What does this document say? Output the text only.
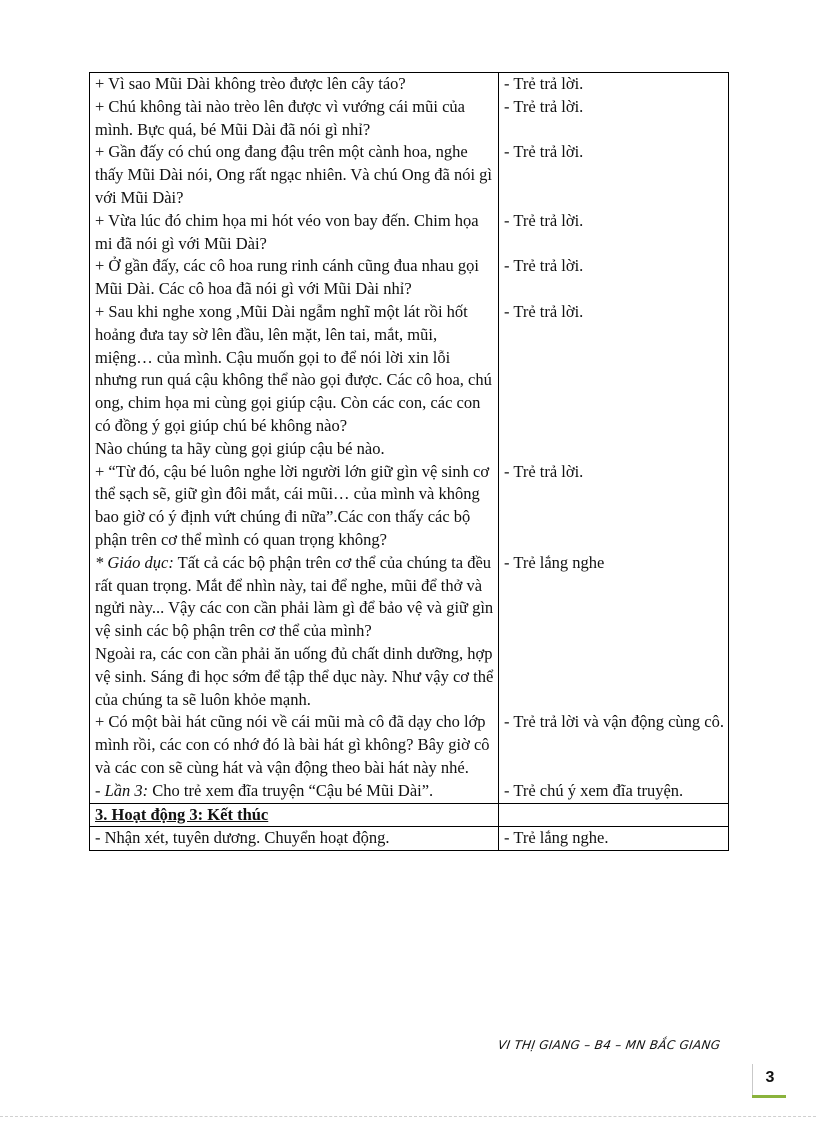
+ Vì sao Mũi Dài không trèo được lên cây táo?	- Trẻ trả lời.
+ Chú không tài nào trèo lên được vì vướng cái mũi của mình. Bực quá, bé Mũi Dài đã nói gì nhỉ?	- Trẻ trả lời.
+ Gần đấy có chú ong đang đậu trên một cành hoa, nghe thấy Mũi Dài nói, Ong rất ngạc nhiên. Và chú Ong đã nói gì với Mũi Dài?	- Trẻ trả lời.
+ Vừa lúc đó chim họa mi hót véo von bay đến. Chim họa mi đã nói gì với Mũi Dài?	- Trẻ trả lời.
+ Ở gần đấy, các cô hoa rung rinh cánh cũng đua nhau gọi Mũi Dài. Các cô hoa đã nói gì với Mũi Dài nhỉ?	- Trẻ trả lời.
+ Sau khi nghe xong ,Mũi Dài ngẫm nghĩ một lát rồi hốt hoảng đưa tay sờ lên đầu, lên mặt, lên tai, mắt, mũi, miệng… của mình. Cậu muốn gọi to để nói lời xin lỗi nhưng run quá cậu không thể nào gọi được. Các cô hoa, chú ong, chim họa mi cùng gọi giúp cậu. Còn các con, các con có đồng ý gọi giúp chú bé không nào?	- Trẻ trả lời.
Nào chúng ta hãy cùng gọi giúp cậu bé nào.	
+ “Từ đó, cậu bé luôn nghe lời người lớn giữ gìn vệ sinh cơ thể sạch sẽ, giữ gìn đôi mắt, cái mũi… của mình và không bao giờ có ý định vứt chúng đi nữa”.Các con thấy các bộ phận trên cơ thể mình có quan trọng không?	- Trẻ trả lời.
* Giáo dục: Tất cả các bộ phận trên cơ thể của chúng ta đều rất quan trọng. Mắt để nhìn này, tai để nghe, mũi để thở và ngửi này... Vậy các con cần phải làm gì để bảo vệ và giữ gìn vệ sinh các bộ phận trên cơ thể của mình?	- Trẻ lắng nghe
Ngoài ra, các con cần phải ăn uống đủ chất dinh dưỡng, hợp vệ sinh. Sáng đi học sớm để tập thể dục này. Như vậy cơ thể của chúng ta sẽ luôn khỏe mạnh.	
+ Có một bài hát cũng nói về cái mũi mà cô đã dạy cho lớp mình rồi, các con có nhớ đó là bài hát gì không? Bây giờ cô và các con sẽ cùng hát và vận động theo bài hát này nhé.	- Trẻ trả lời và vận động cùng cô.
- Lần 3: Cho trẻ xem đĩa truyện “Cậu bé Mũi Dài”.	- Trẻ chú ý xem đĩa truyện.
3. Hoạt động 3: Kết thúc	
- Nhận xét, tuyên dương. Chuyển hoạt động.	- Trẻ lắng nghe.
VI THỊ GIANG – B4 – MN BẮC GIANG
3
